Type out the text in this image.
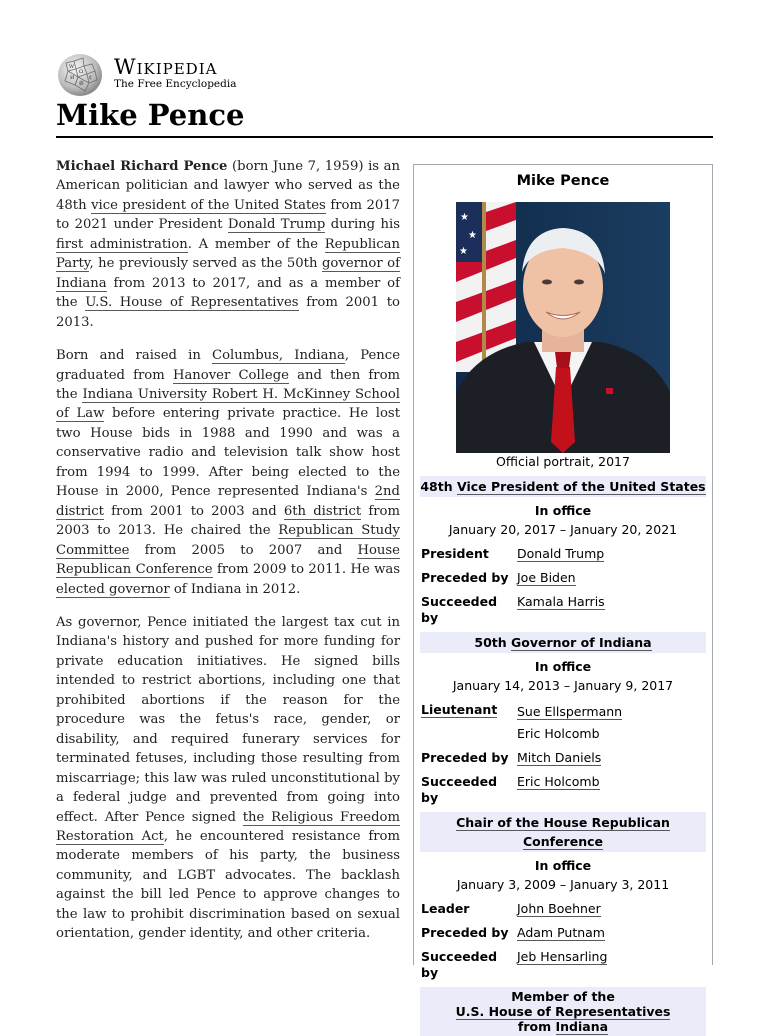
W
Ω
И	ع
維
Wikipedia
The Free Encyclopedia
Mike Pence

Michael Richard Pence (born June 7, 1959) is an American politician and lawyer who served as the 48th vice president of the United States from 2017 to 2021 under President Donald Trump during his first administration. A member of the Republican Party, he previously served as the 50th governor of Indiana from 2013 to 2017, and as a member of the U.S. House of Representatives from 2001 to 2013.

Born and raised in Columbus, Indiana, Pence graduated from Hanover College and then from the Indiana University Robert H. McKinney School of Law before entering private practice. He lost two House bids in 1988 and 1990 and was a conservative radio and television talk show host from 1994 to 1999. After being elected to the House in 2000, Pence represented Indiana's 2nd district from 2001 to 2003 and 6th district from 2003 to 2013. He chaired the Republican Study Committee from 2005 to 2007 and House Republican Conference from 2009 to 2011. He was elected governor of Indiana in 2012.

As governor, Pence initiated the largest tax cut in Indiana's history and pushed for more funding for private education initiatives. He signed bills intended to restrict abortions, including one that prohibited abortions if the reason for the procedure was the fetus's race, gender, or disability, and required funerary services for terminated fetuses, including those resulting from miscarriage; this law was ruled unconstitutional by a federal judge and prevented from going into effect. After Pence signed the Religious Freedom Restoration Act, he encountered resistance from moderate members of his party, the business community, and LGBT advocates. The backlash against the bill led Pence to approve changes to the law to prohibit discrimination based on sexual orientation, gender identity, and other criteria.

Mike Pence
★
★
★
Official portrait, 2017
48th Vice President of the United States
In office
January 20, 2017 – January 20, 2021
President	Donald Trump
Preceded by Joe Biden
Succeeded by
Kamala Harris
50th Governor of Indiana
In office
January 14, 2013 – January 9, 2017
Lieutenant	Sue Ellspermann
Eric Holcomb
Preceded by Mitch Daniels
Succeeded by
Eric Holcomb
Chair of the House Republican Conference
In office
January 3, 2009 – January 3, 2011
Leader	John Boehner
Preceded by Adam Putnam
Succeeded by
Jeb Hensarling
Member of the
U.S. House of Representatives
from Indiana
